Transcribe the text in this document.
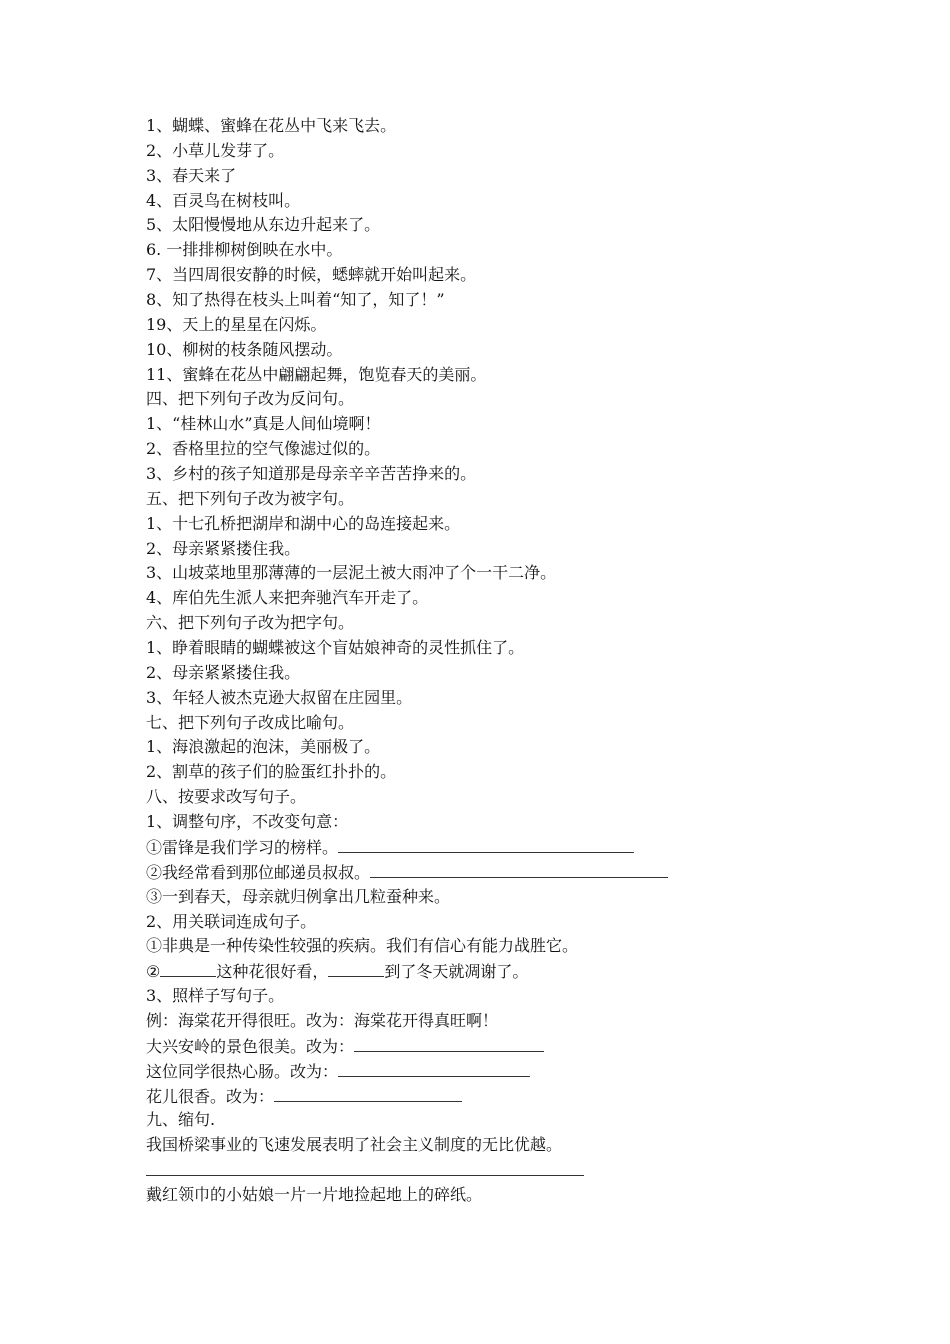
1、蝴蝶、蜜蜂在花丛中飞来飞去。
2、小草儿发芽了。
3、春天来了
4、百灵鸟在树枝叫。
5、太阳慢慢地从东边升起来了。
6. 一排排柳树倒映在水中。
7、当四周很安静的时候，蟋蟀就开始叫起来。
8、知了热得在枝头上叫着“知了，知了！”
19、天上的星星在闪烁。
10、柳树的枝条随风摆动。
11、蜜蜂在花丛中翩翩起舞，饱览春天的美丽。
四、把下列句子改为反问句。
1、“桂林山水”真是人间仙境啊！
2、香格里拉的空气像滤过似的。
3、乡村的孩子知道那是母亲辛辛苦苦挣来的。
五、把下列句子改为被字句。
1、十七孔桥把湖岸和湖中心的岛连接起来。
2、母亲紧紧搂住我。
3、山坡菜地里那薄薄的一层泥土被大雨冲了个一干二净。
4、库伯先生派人来把奔驰汽车开走了。
六、把下列句子改为把字句。
1、睁着眼睛的蝴蝶被这个盲姑娘神奇的灵性抓住了。
2、母亲紧紧搂住我。
3、年轻人被杰克逊大叔留在庄园里。
七、把下列句子改成比喻句。
1、海浪激起的泡沫，美丽极了。
2、割草的孩子们的脸蛋红扑扑的。
八、按要求改写句子。
1、调整句序，不改变句意：
①雷锋是我们学习的榜样。
②我经常看到那位邮递员叔叔。
③一到春天，母亲就归例拿出几粒蚕种来。
2、用关联词连成句子。
①非典是一种传染性较强的疾病。我们有信心有能力战胜它。
②	这种花很好看，	到了冬天就凋谢了。
3、照样子写句子。
例：海棠花开得很旺。改为：海棠花开得真旺啊！
大兴安岭的景色很美。改为：
这位同学很热心肠。改为：
花儿很香。改为：
九、缩句.
我国桥梁事业的飞速发展表明了社会主义制度的无比优越。
戴红领巾的小姑娘一片一片地捡起地上的碎纸。
